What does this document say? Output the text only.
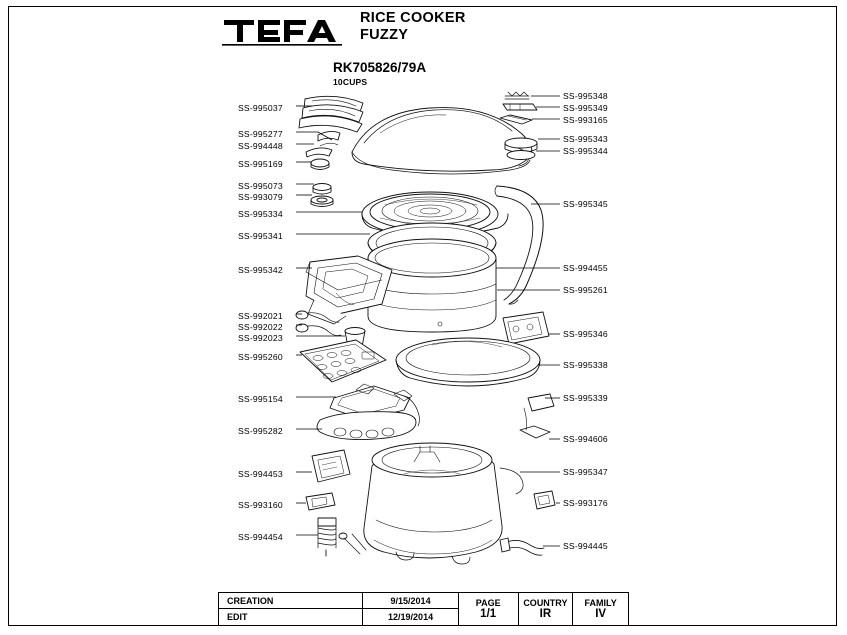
RICE COOKER
FUZZY
RK705826/79A
10CUPS
SS-995037
SS-995277
SS-994448
SS-995169
SS-995073
SS-993079
SS-995334
SS-995341
SS-995342
SS-992021
SS-992022
SS-992023
SS-995260
SS-995154
SS-995282
SS-994453
SS-993160
SS-994454
SS-995348
SS-995349
SS-993165
SS-995343
SS-995344
SS-995345
SS-994455
SS-995261
SS-995346
SS-995338
SS-995339
SS-994606
SS-995347
SS-993176
SS-994445
CREATION
EDIT
9/15/2014
12/19/2014
PAGE
1/1
COUNTRY
IR
FAMILY
IV
